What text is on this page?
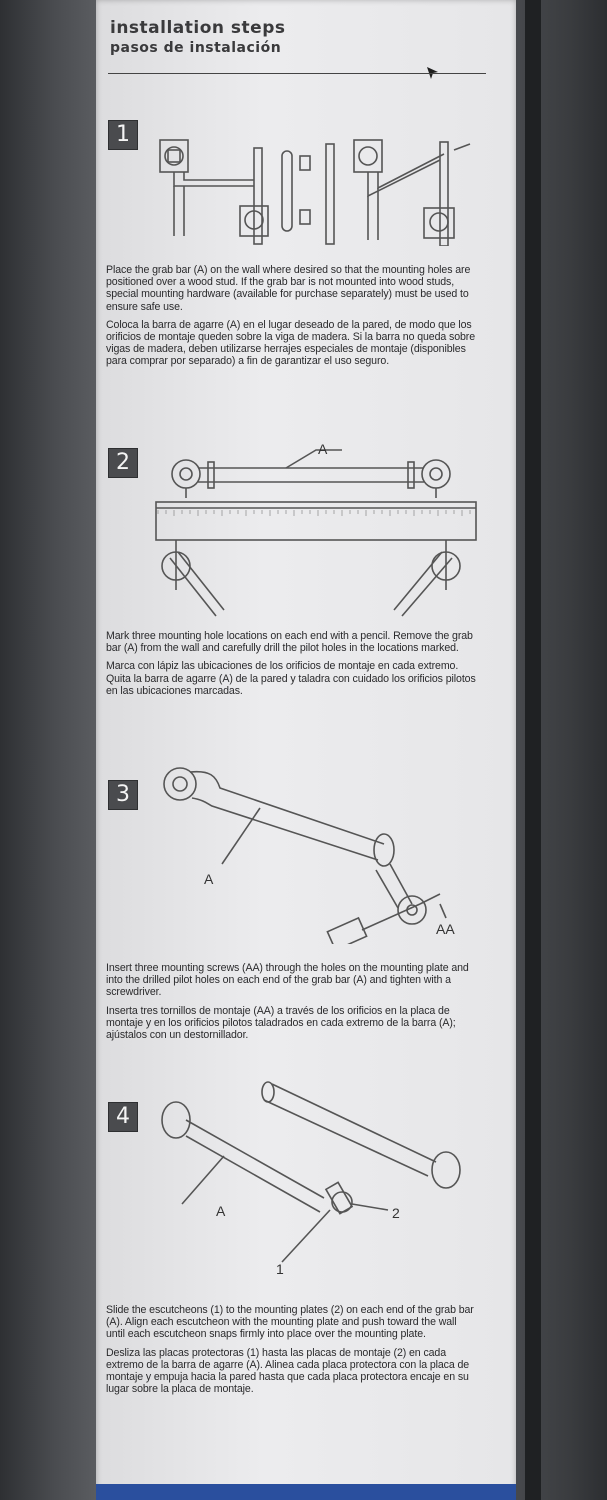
installation steps
pasos de instalación
1

Place the grab bar (A) on the wall where desired so that the mounting holes are positioned over a wood stud. If the grab bar is not mounted into wood studs, special mounting hardware (available for purchase separately) must be used to ensure safe use.

Coloca la barra de agarre (A) en el lugar deseado de la pared, de modo que los orificios de montaje queden sobre la viga de madera. Si la barra no queda sobre vigas de madera, deben utilizarse herrajes especiales de montaje (disponibles para comprar por separado) a fin de garantizar el uso seguro.

2
A

Mark three mounting hole locations on each end with a pencil. Remove the grab bar (A) from the wall and carefully drill the pilot holes in the locations marked.

Marca con lápiz las ubicaciones de los orificios de montaje en cada extremo. Quita la barra de agarre (A) de la pared y taladra con cuidado los orificios pilotos en las ubicaciones marcadas.

3
A
AA

Insert three mounting screws (AA) through the holes on the mounting plate and into the drilled pilot holes on each end of the grab bar (A) and tighten with a screwdriver.

Inserta tres tornillos de montaje (AA) a través de los orificios en la placa de montaje y en los orificios pilotos taladrados en cada extremo de la barra (A); ajústalos con un destornillador.

4
A	2
1

Slide the escutcheons (1) to the mounting plates (2) on each end of the grab bar (A). Align each escutcheon with the mounting plate and push toward the wall until each escutcheon snaps firmly into place over the mounting plate.

Desliza las placas protectoras (1) hasta las placas de montaje (2) en cada extremo de la barra de agarre (A). Alinea cada placa protectora con la placa de montaje y empuja hacia la pared hasta que cada placa protectora encaje en su lugar sobre la placa de montaje.
